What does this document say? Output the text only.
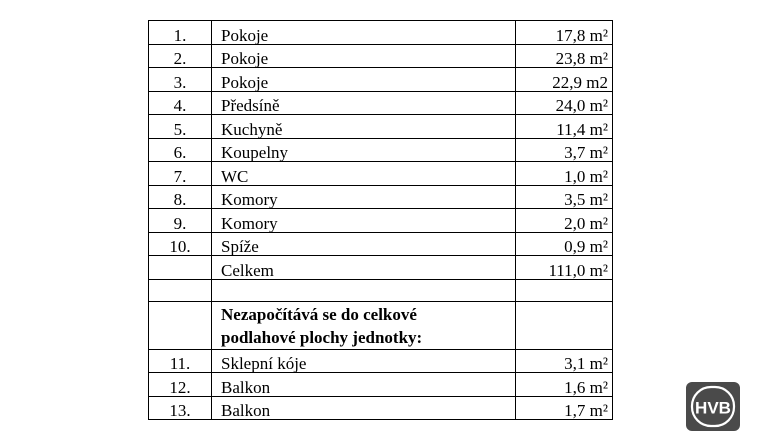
1.	Pokoje	17,8 m²
2.	Pokoje	23,8 m²
3.	Pokoje	22,9 m2
4.	Předsíně	24,0 m²
5.	Kuchyně	11,4 m²
6.	Koupelny	3,7 m²
7.	WC	1,0 m²
8.	Komory	3,5 m²
9.	Komory	2,0 m²
10.	Spíže	0,9 m²
	Celkem	111,0 m²

	Nezapočítává se do celkové
podlahové plochy jednotky:	
11.	Sklepní kóje	3,1 m²
12.	Balkon	1,6 m²
13.	Balkon	1,7 m²	HVB
